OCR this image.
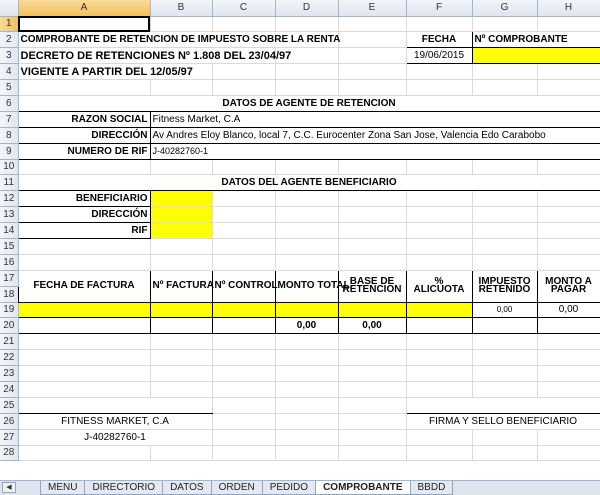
	A	B	C	D	E	F	G	H
1								
2	COMPROBANTE DE RETENCION DE IMPUESTO SOBRE LA RENTA					FECHA	Nº COMPROBANTE	
3	DECRETO DE RETENCIONES Nº 1.808 DEL 23/04/97					19/06/2015		
4	VIGENTE A PARTIR DEL 12/05/97							
5								
6	DATOS DE AGENTE DE RETENCION							
7	RAZON SOCIAL	Fitness Market, C.A						
8	DIRECCIÓN	Av Andres Eloy Blanco, local 7, C.C. Eurocenter Zona San Jose, Valencia Edo Carabobo						
9	NUMERO DE RIF	J-40282760-1						
10								
11	DATOS DEL AGENTE BENEFICIARIO							
12	BENEFICIARIO							
13	DIRECCIÓN							
14	RIF							
15								
16								
17	FECHA DE FACTURA	Nº FACTURA	Nº CONTROL	MONTO TOTAL	BASE DE RETENCION	% ALICUOTA	IMPUESTO RETENIDO	MONTO A PAGAR
18								
19							0,00	0,00
20				0,00	0,00			
21								
22								
23								
24								
25								
26	FITNESS MARKET, C.A					FIRMA Y SELLO BENEFICIARIO		
27	J-40282760-1							
28								
◀	MENU	DIRECTORIO	DATOS	ORDEN	PEDIDO	COMPROBANTE	BBDD
